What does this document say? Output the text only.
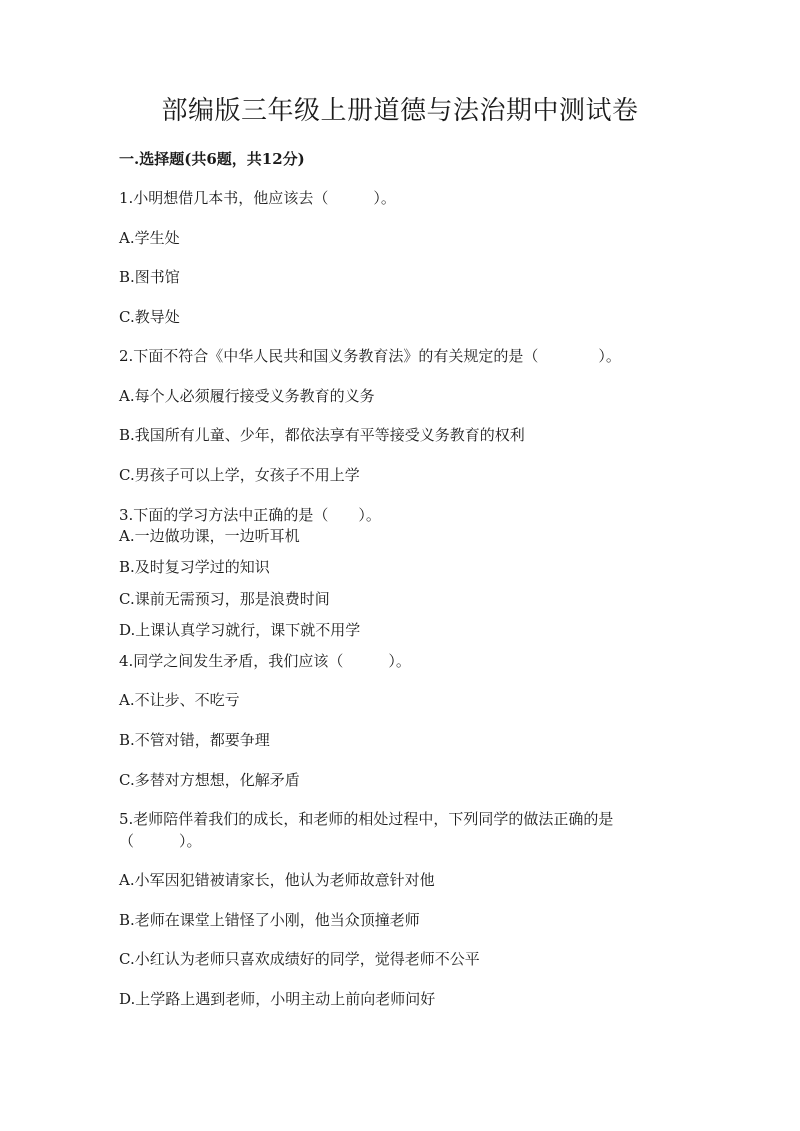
部编版三年级上册道德与法治期中测试卷

一.选择题(共6题，共12分)

1.小明想借几本书，他应该去（　　　）。

A.学生处

B.图书馆

C.教导处

2.下面不符合《中华人民共和国义务教育法》的有关规定的是（　　　　）。

A.每个人必须履行接受义务教育的义务

B.我国所有儿童、少年，都依法享有平等接受义务教育的权利

C.男孩子可以上学，女孩子不用上学

3.下面的学习方法中正确的是（　　）。

A.一边做功课，一边听耳机

B.及时复习学过的知识

C.课前无需预习，那是浪费时间

D.上课认真学习就行，课下就不用学

4.同学之间发生矛盾，我们应该（　　　）。

A.不让步、不吃亏

B.不管对错，都要争理

C.多替对方想想，化解矛盾

5.老师陪伴着我们的成长，和老师的相处过程中，下列同学的做法正确的是

（　　　）。

A.小军因犯错被请家长，他认为老师故意针对他

B.老师在课堂上错怪了小刚，他当众顶撞老师

C.小红认为老师只喜欢成绩好的同学，觉得老师不公平

D.上学路上遇到老师，小明主动上前向老师问好
